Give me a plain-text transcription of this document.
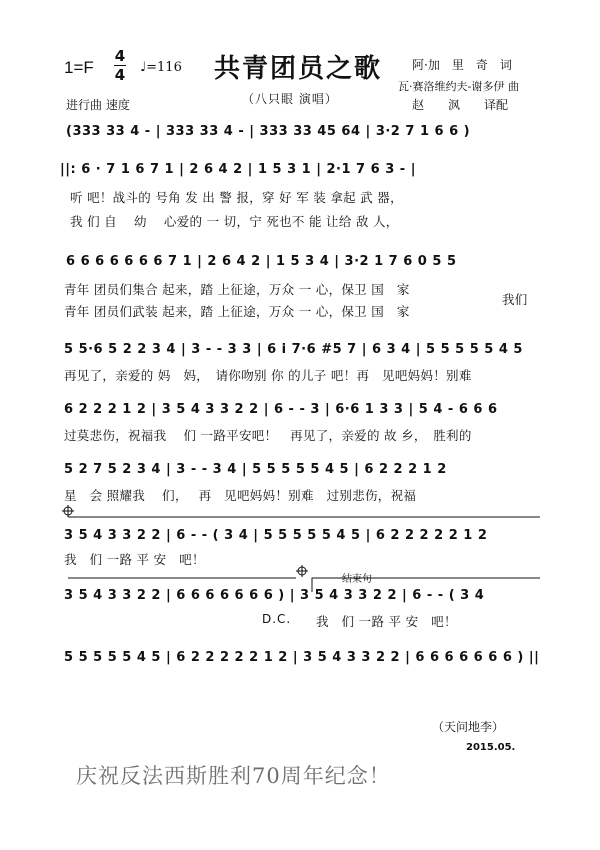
1=F
4
4 ♩=116 共青团员之歌
（八只眼 演唱）
进行曲 速度
阿·加　里　奇　词
瓦·赛洛维约夫-谢多伊 曲
赵　　沨　　译配
(333 33 4 - | 333 33 4 - | 333 33 45 64 | 3·2 7 1 6 6 )
||: 6 · 7 1 6 7 1 | 2 6 4 2 | 1 5 3 1 | 2·1 7 6 3 - |
听 吧！战斗的 号角 发 出 警 报，穿 好 军 装 拿起 武 器，
我 们 自　 幼　 心爱的 一 切，宁 死也不 能 让给 敌 人，
6 6 6 6 6 6 6 7 1 | 2 6 4 2 | 1 5 3 4 | 3·2 1 7 6 0 5 5
青年 团员们集合 起来，踏 上征途，万众 一 心，保卫 国　家
青年 团员们武装 起来，踏 上征途，万众 一 心，保卫 国　家
我们
5 5·6 5 2 2 3 4 | 3 - - 3 3 | 6 i 7·6 #5 7 | 6 3 4 | 5 5 5 5 5 4 5
再见了，亲爱的 妈　妈，　请你吻别 你 的儿子 吧！再　见吧妈妈！别难
6 2 2 2 1 2 | 3 5 4 3 3 2 2 | 6 - - 3 | 6·6 1 3 3 | 5 4 - 6 6 6
过莫悲伤，祝福我　 们 一路平安吧！　再见了，亲爱的 故 乡，　胜利的
5 2 7 5 2 3 4 | 3 - - 3 4 | 5 5 5 5 5 4 5 | 6 2 2 2 1 2
星　会 照耀我　 们，　 再　见吧妈妈！别难　过别悲伤，祝福
3 5 4 3 3 2 2 | 6 - - ( 3 4 | 5 5 5 5 5 4 5 | 6 2 2 2 2 2 1 2
我　们 一路 平 安　吧！
3 5 4 3 3 2 2 | 6 6 6 6 6 6 6 ) | 3 5 4 3 3 2 2 | 6 - - ( 3 4
结束句
D.C. 我　们 一路 平 安　吧！
5 5 5 5 5 4 5 | 6 2 2 2 2 2 1 2 | 3 5 4 3 3 2 2 | 6 6 6 6 6 6 6 ) ||
（天问地李）
2015.05.
庆祝反法西斯胜利70周年纪念！
